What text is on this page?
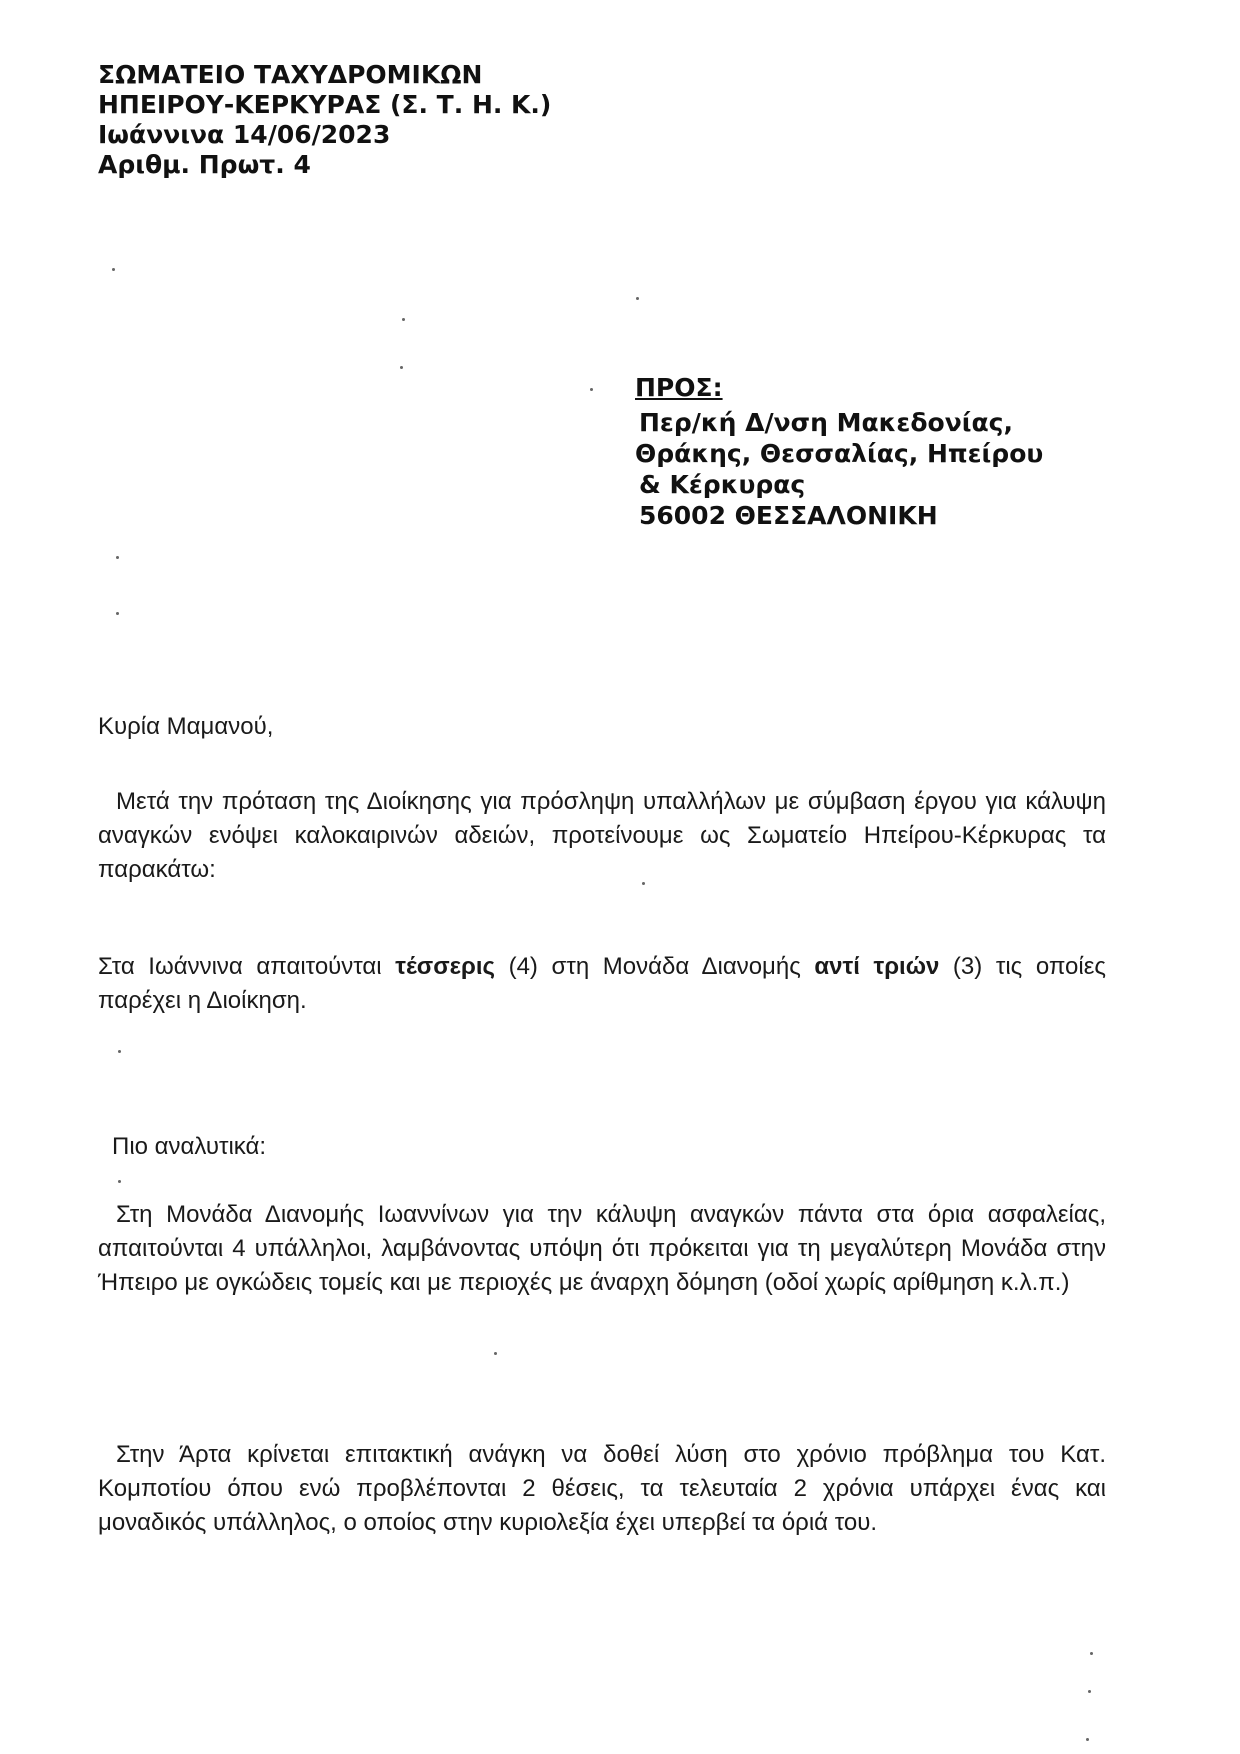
ΣΩΜΑΤΕΙΟ ΤΑΧΥΔΡΟΜΙΚΩΝ
ΗΠΕΙΡΟΥ-ΚΕΡΚΥΡΑΣ (Σ. Τ. Η. Κ.)
Ιωάννινα 14/06/2023
Αριθμ. Πρωτ. 4
ΠΡΟΣ:
Περ/κή Δ/νση Μακεδονίας,
Θράκης, Θεσσαλίας, Ηπείρου
& Κέρκυρας
56002 ΘΕΣΣΑΛΟΝΙΚΗ
Κυρία Μαμανού,
Μετά την πρόταση της Διοίκησης για πρόσληψη υπαλλήλων με σύμβαση έργου για κάλυψη αναγκών ενόψει καλοκαιρινών αδειών, προτείνουμε ως Σωματείο Ηπείρου-Κέρκυρας τα παρακάτω:
Στα Ιωάννινα απαιτούνται τέσσερις (4) στη Μονάδα Διανομής αντί τριών (3) τις οποίες παρέχει η Διοίκηση.
Πιο αναλυτικά:
Στη Μονάδα Διανομής Ιωαννίνων για την κάλυψη αναγκών πάντα στα όρια ασφαλείας, απαιτούνται 4 υπάλληλοι, λαμβάνοντας υπόψη ότι πρόκειται για τη μεγαλύτερη Μονάδα στην Ήπειρο με ογκώδεις τομείς και με περιοχές με άναρχη δόμηση (οδοί χωρίς αρίθμηση κ.λ.π.)
Στην Άρτα κρίνεται επιτακτική ανάγκη να δοθεί λύση στο χρόνιο πρόβλημα του Κατ. Κομποτίου όπου ενώ προβλέπονται 2 θέσεις, τα τελευταία 2 χρόνια υπάρχει ένας και μοναδικός υπάλληλος, ο οποίος στην κυριολεξία έχει υπερβεί τα όριά του.
